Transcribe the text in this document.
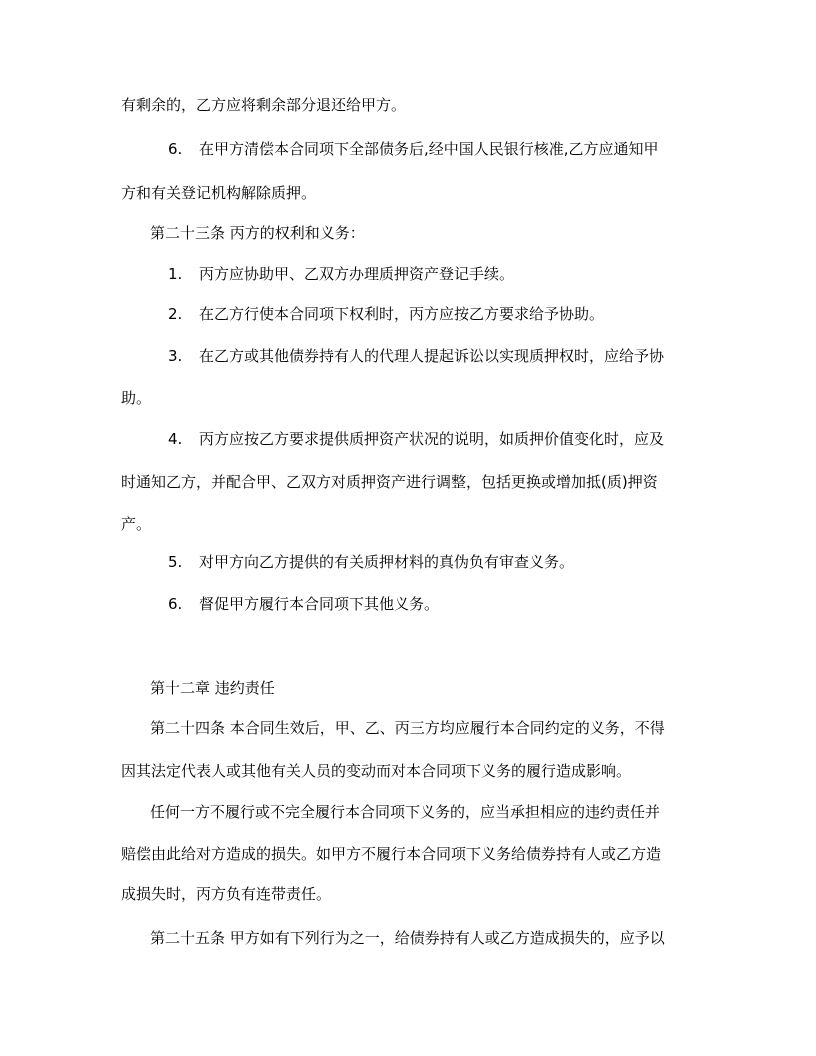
有剩余的，乙方应将剩余部分退还给甲方。

6. 在甲方清偿本合同项下全部债务后,经中国人民银行核准,乙方应通知甲

方和有关登记机构解除质押。

第二十三条 丙方的权利和义务：

1. 丙方应协助甲、乙双方办理质押资产登记手续。

2. 在乙方行使本合同项下权利时，丙方应按乙方要求给予协助。

3. 在乙方或其他债券持有人的代理人提起诉讼以实现质押权时，应给予协

助。

4. 丙方应按乙方要求提供质押资产状况的说明，如质押价值变化时，应及

时通知乙方，并配合甲、乙双方对质押资产进行调整，包括更换或增加抵(质)押资

产。

5. 对甲方向乙方提供的有关质押材料的真伪负有审查义务。

6. 督促甲方履行本合同项下其他义务。

第十二章 违约责任

第二十四条 本合同生效后，甲、乙、丙三方均应履行本合同约定的义务，不得

因其法定代表人或其他有关人员的变动而对本合同项下义务的履行造成影响。

任何一方不履行或不完全履行本合同项下义务的，应当承担相应的违约责任并

赔偿由此给对方造成的损失。如甲方不履行本合同项下义务给债券持有人或乙方造

成损失时，丙方负有连带责任。

第二十五条 甲方如有下列行为之一，给债券持有人或乙方造成损失的，应予以
